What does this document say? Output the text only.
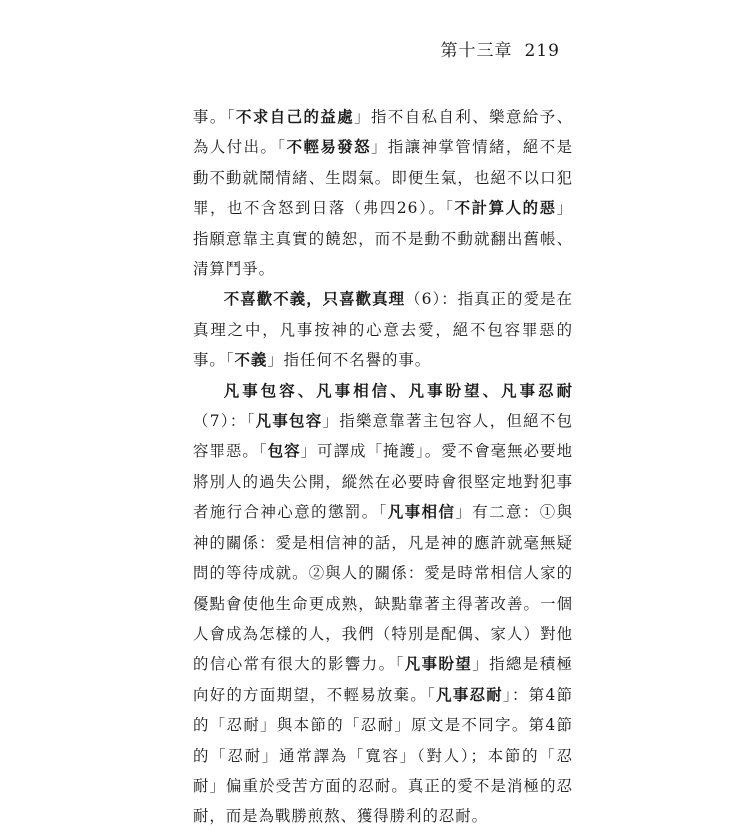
第十三章 219

事。「不求自己的益處」指不自私自利、樂意給予、為人付出。「不輕易發怒」指讓神掌管情緒，絕不是動不動就鬧情緒、生悶氣。即便生氣，也絕不以口犯罪，也不含怒到日落（弗四26）。「不計算人的惡」指願意靠主真實的饒恕，而不是動不動就翻出舊帳、清算鬥爭。

不喜歡不義，只喜歡真理（6）：指真正的愛是在真理之中，凡事按神的心意去愛，絕不包容罪惡的事。「不義」指任何不名譽的事。

凡事包容、凡事相信、凡事盼望、凡事忍耐（7）：「凡事包容」指樂意靠著主包容人，但絕不包容罪惡。「包容」可譯成「掩護」。愛不會毫無必要地將別人的過失公開，縱然在必要時會很堅定地對犯事者施行合神心意的懲罰。「凡事相信」有二意：①與神的關係：愛是相信神的話，凡是神的應許就毫無疑問的等待成就。②與人的關係：愛是時常相信人家的優點會使他生命更成熟，缺點靠著主得著改善。一個人會成為怎樣的人，我們（特別是配偶、家人）對他的信心常有很大的影響力。「凡事盼望」指總是積極向好的方面期望，不輕易放棄。「凡事忍耐」：第4節的「忍耐」與本節的「忍耐」原文是不同字。第4節的「忍耐」通常譯為「寬容」（對人）；本節的「忍耐」偏重於受苦方面的忍耐。真正的愛不是消極的忍耐，而是為戰勝煎熬、獲得勝利的忍耐。
